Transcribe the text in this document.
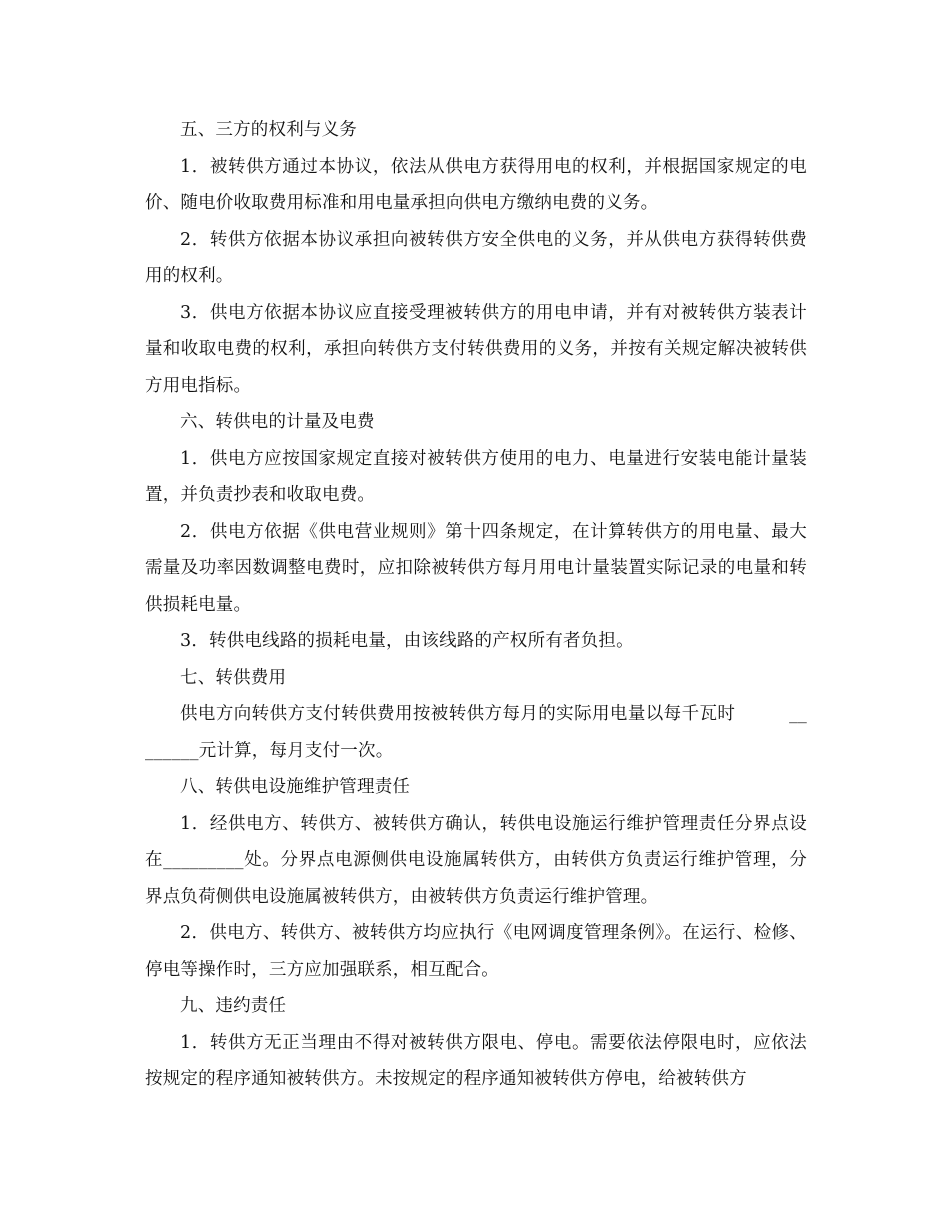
五、三方的权利与义务

1．被转供方通过本协议，依法从供电方获得用电的权利，并根据国家规定的电价、随电价收取费用标准和用电量承担向供电方缴纳电费的义务。

2．转供方依据本协议承担向被转供方安全供电的义务，并从供电方获得转供费用的权利。

3．供电方依据本协议应直接受理被转供方的用电申请，并有对被转供方装表计量和收取电费的权利，承担向转供方支付转供费用的义务，并按有关规定解决被转供方用电指标。

六、转供电的计量及电费

1．供电方应按国家规定直接对被转供方使用的电力、电量进行安装电能计量装置，并负责抄表和收取电费。

2．供电方依据《供电营业规则》第十四条规定，在计算转供方的用电量、最大需量及功率因数调整电费时，应扣除被转供方每月用电计量装置实际记录的电量和转供损耗电量。

3．转供电线路的损耗电量，由该线路的产权所有者负担。

七、转供费用

供电方向转供方支付转供费用按被转供方每月的实际用电量以每千瓦时         ________元计算，每月支付一次。

八、转供电设施维护管理责任

1．经供电方、转供方、被转供方确认，转供电设施运行维护管理责任分界点设在_________处。分界点电源侧供电设施属转供方，由转供方负责运行维护管理，分界点负荷侧供电设施属被转供方，由被转供方负责运行维护管理。

2．供电方、转供方、被转供方均应执行《电网调度管理条例》。在运行、检修、停电等操作时，三方应加强联系，相互配合。

九、违约责任

1．转供方无正当理由不得对被转供方限电、停电。需要依法停限电时，应依法按规定的程序通知被转供方。未按规定的程序通知被转供方停电，给被转供方
